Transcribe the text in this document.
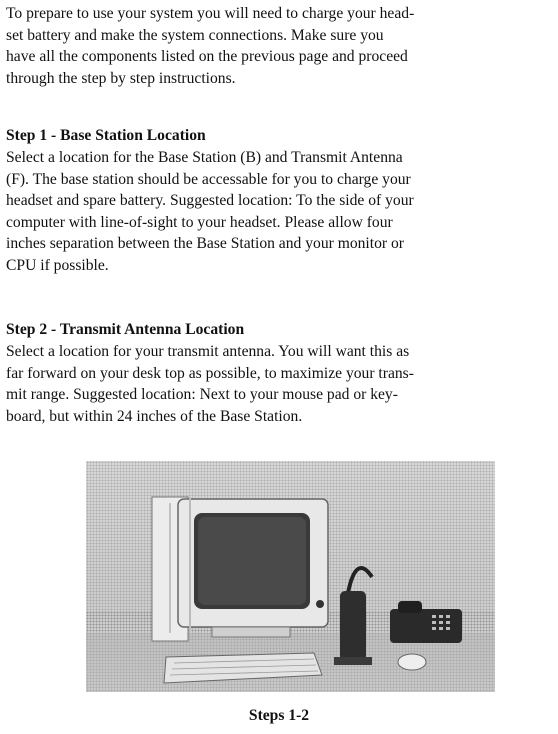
To prepare to use your system you will need to charge your head-
set battery and make the system connections. Make sure you
have all the components listed on the previous page and proceed
through the step by step instructions.

Step 1 - Base Station Location

Select a location for the Base Station (B) and Transmit Antenna
(F). The base station should be accessable for you to charge your
headset and spare battery. Suggested location: To the side of your
computer with line-of-sight to your headset. Please allow four
inches separation between the Base Station and your monitor or
CPU if possible.

Step 2 - Transmit Antenna Location

Select a location for your transmit antenna. You will want this as
far forward on your desk top as possible, to maximize your trans-
mit range. Suggested location: Next to your mouse pad or key-
board, but within 24 inches of the Base Station.

Steps 1-2
